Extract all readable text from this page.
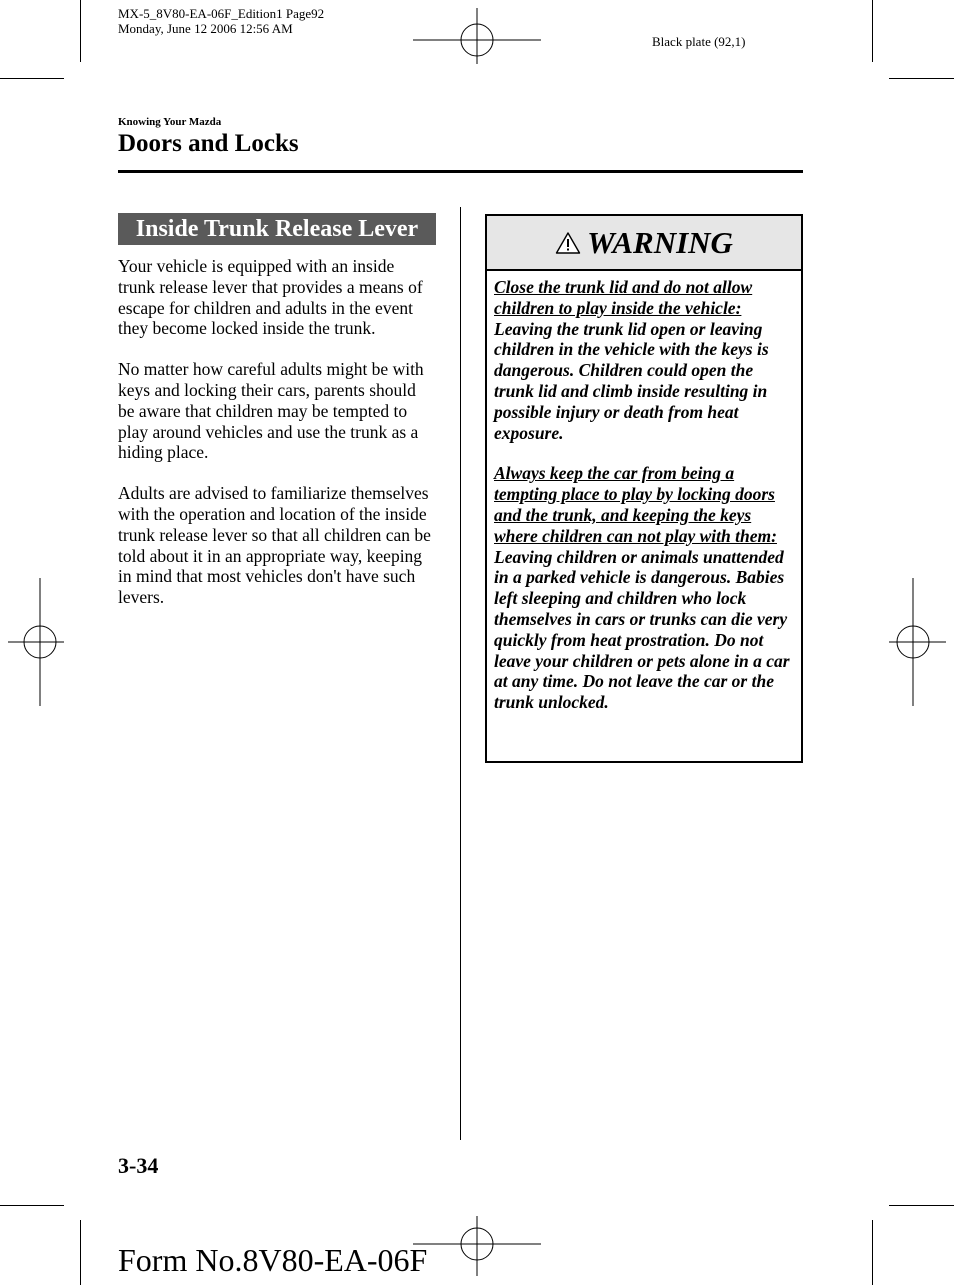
MX-5_8V80-EA-06F_Edition1 Page92
Monday, June 12 2006 12:56 AM
Black plate (92,1)
Knowing Your Mazda
Doors and Locks
Inside Trunk Release Lever

Your vehicle is equipped with an inside trunk release lever that provides a means of escape for children and adults in the event they become locked inside the trunk.

No matter how careful adults might be with keys and locking their cars, parents should be aware that children may be tempted to play around vehicles and use the trunk as a hiding place.

Adults are advised to familiarize themselves with the operation and location of the inside trunk release lever so that all children can be told about it in an appropriate way, keeping in mind that most vehicles don't have such levers.

WARNING

Close the trunk lid and do not allow children to play inside the vehicle:
Leaving the trunk lid open or leaving children in the vehicle with the keys is dangerous. Children could open the trunk lid and climb inside resulting in possible injury or death from heat exposure.

Always keep the car from being a tempting place to play by locking doors and the trunk, and keeping the keys where children can not play with them:
Leaving children or animals unattended in a parked vehicle is dangerous. Babies left sleeping and children who lock themselves in cars or trunks can die very quickly from heat prostration. Do not leave your children or pets alone in a car at any time. Do not leave the car or the trunk unlocked.

3-34
Form No.8V80-EA-06F
